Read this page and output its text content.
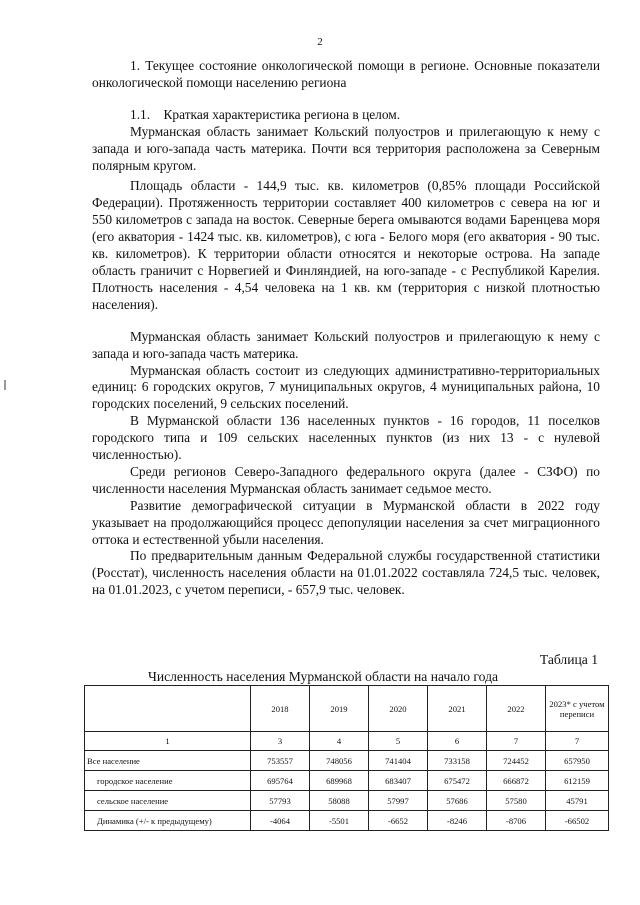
2

1. Текущее состояние онкологической помощи в регионе. Основные показатели онкологической помощи населению региона

1.1.    Краткая характеристика региона в целом.

Мурманская область занимает Кольский полуостров и прилегающую к нему с запада и юго-запада часть материка. Почти вся территория расположена за Северным полярным кругом.

Площадь области - 144,9 тыс. кв. километров (0,85% площади Российской Федерации). Протяженность территории составляет 400 километров с севера на юг и 550 километров с запада на восток. Северные берега омываются водами Баренцева моря (его акватория - 1424 тыс. кв. километров), с юга - Белого моря (его акватория - 90 тыс. кв. километров). К территории области относятся и некоторые острова. На западе область граничит с Норвегией и Финляндией, на юго-западе - с Республикой Карелия. Плотность населения - 4,54 человека на 1 кв. км (территория с низкой плотностью населения).

Мурманская область занимает Кольский полуостров и прилегающую к нему с запада и юго-запада часть материка.

Мурманская область состоит из следующих административно-территориальных единиц: 6 городских округов, 7 муниципальных округов, 4 муниципальных района, 10 городских поселений, 9 сельских поселений.

В Мурманской области 136 населенных пунктов - 16 городов, 11 поселков городского типа и 109 сельских населенных пунктов (из них 13 - с нулевой численностью).

Среди регионов Северо-Западного федерального округа (далее - СЗФО) по численности населения Мурманская область занимает седьмое место.

Развитие демографической ситуации в Мурманской области в 2022 году указывает на продолжающийся процесс депопуляции населения за счет миграционного оттока и естественной убыли населения.

По предварительным данным Федеральной службы государственной статистики (Росстат), численность населения области на 01.01.2022 составляла 724,5 тыс. человек, на 01.01.2023, с учетом переписи, - 657,9 тыс. человек.

Таблица 1
Численность населения Мурманской области на начало года
	2018	2019	2020	2021	2022	2023* с учетом переписи
1	3	4	5	6	7	7
Все население	753557	748056	741404	733158	724452	657950
городское население	695764	689968	683407	675472	666872	612159
сельское население	57793	58088	57997	57686	57580	45791
Динамика (+/- к предыдущему)	-4064	-5501	-6652	-8246	-8706	-66502
